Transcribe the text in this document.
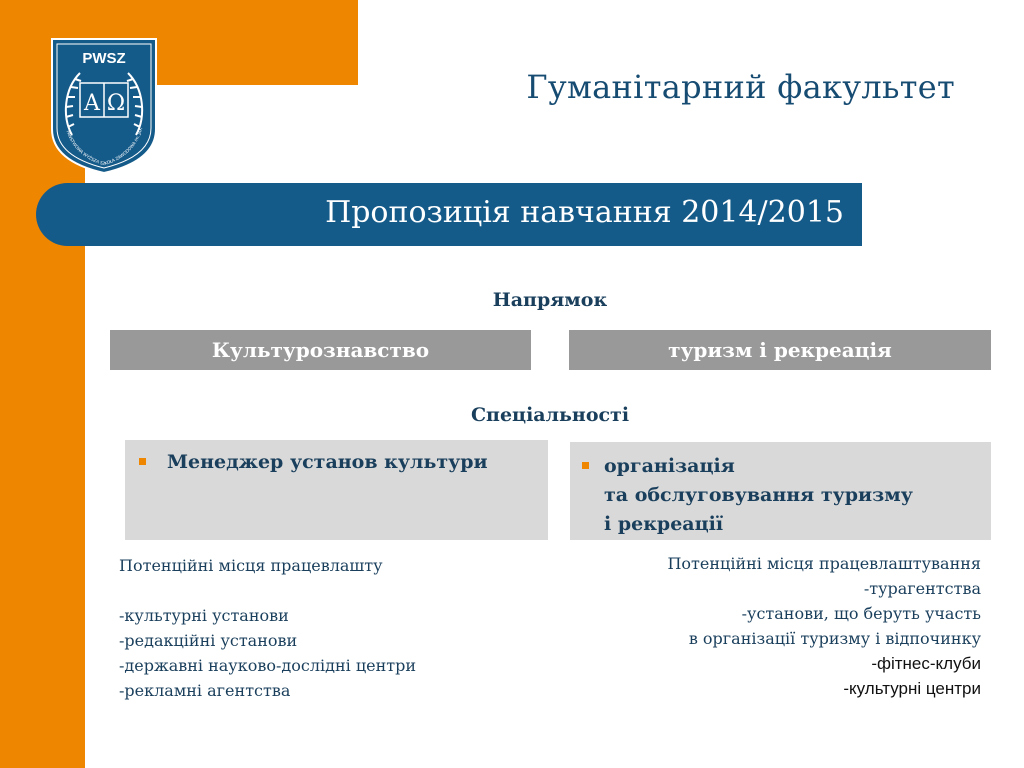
PWSZ
A Ω
PAŃSTWOWA WYŻSZA SZKOŁA ZAWODOWA im. JAK
Гуманітарний факультет
Пропозиція навчання 2014/2015
Напрямок
Культурознавство	туризм і рекреація
Спеціальності
Менеджер установ культури	організація
та обслуговування туризму
і рекреації
Потенційні місця працевлашту
-культурні установи
-редакційні установи
-державні науково-дослідні центри
-рекламні агентства
Потенційні місця працевлаштування
-турагентства
-установи, що беруть участь
в організації туризму і відпочинку
-фітнес-клуби
-культурні центри
